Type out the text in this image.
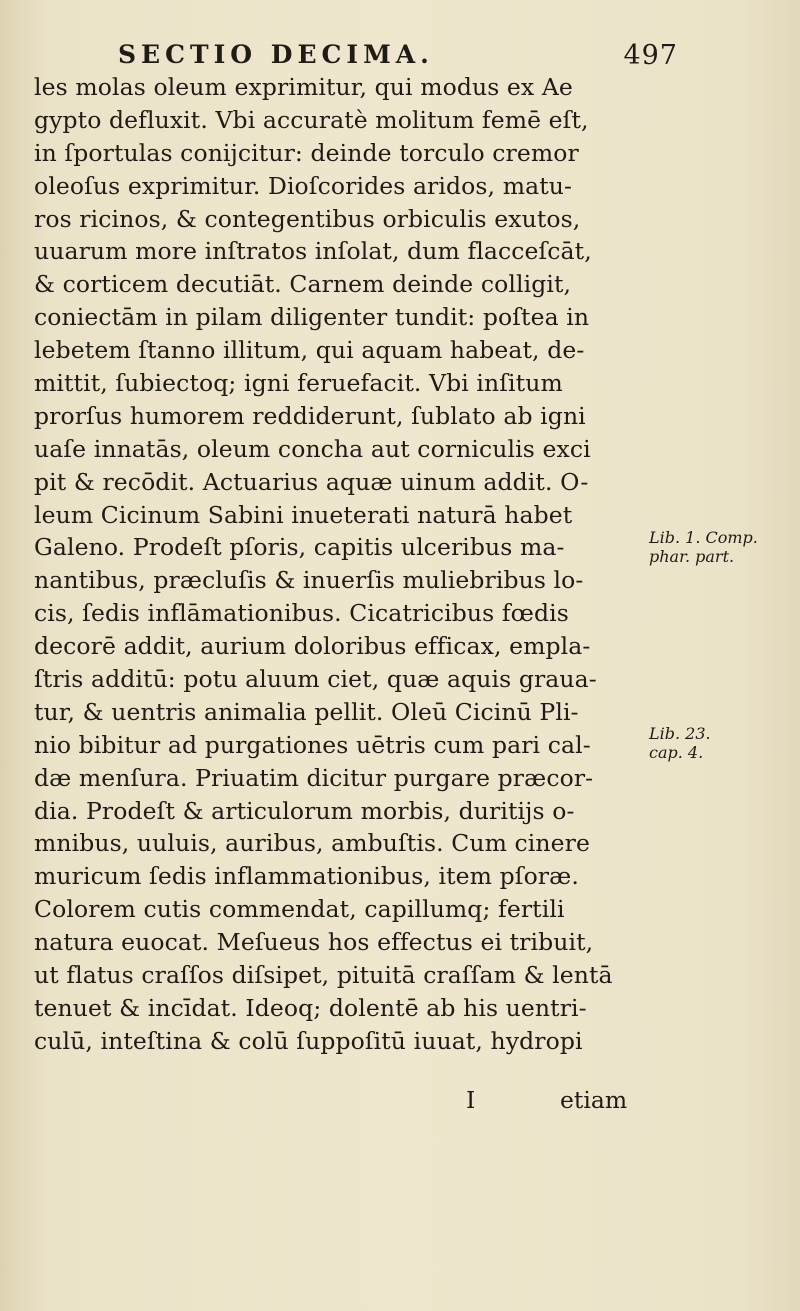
SECTIO DECIMA.	497
les molas oleum exprimitur, qui modus ex Ae
gypto defluxit. Vbi accuratè molitum femē eſt,
in ſportulas conijcitur: deinde torculo cremor
oleoſus exprimitur. Dioſcorides aridos, matu-
ros ricinos, & contegentibus orbiculis exutos,
uuarum more inſtratos inſolat, dum flacceſcāt,
& corticem decutiāt. Carnem deinde colligit,
coniectām in pilam diligenter tundit: poſtea in
lebetem ſtanno illitum, qui aquam habeat, de-
mittit, ſubiectoq; igni feruefacit. Vbi inſitum
prorſus humorem reddiderunt, ſublato ab igni
uaſe innatās, oleum concha aut corniculis exci
pit & recōdit. Actuarius aquæ uinum addit. O-
leum Cicinum Sabini inueterati naturā habet
Galeno. Prodeſt pſoris, capitis ulceribus ma-
nantibus, præcluſis & inuerſis muliebribus lo-
cis, ſedis inflāmationibus. Cicatricibus fœdis
decorē addit, aurium doloribus efficax, empla-
ſtris additū: potu aluum ciet, quæ aquis graua-
tur, & uentris animalia pellit. Oleū Cicinū Pli-
nio bibitur ad purgationes uētris cum pari cal-
dæ menſura. Priuatim dicitur purgare præcor-
dia. Prodeſt & articulorum morbis, duritijs o-
mnibus, uuluis, auribus, ambuſtis. Cum cinere
muricum ſedis inflammationibus, item pſoræ.
Colorem cutis commendat, capillumq; fertili
natura euocat. Meſueus hos effectus ei tribuit,
ut flatus craſſos diſsipet, pituitā craſſam & lentā
tenuet & incīdat. Ideoq; dolentē ab his uentri-
culū, inteſtina & colū ſuppoſitū iuuat, hydropi
I	etiam
Lib. 1. Comp.
phar. part.
Lib. 23.
cap. 4.
